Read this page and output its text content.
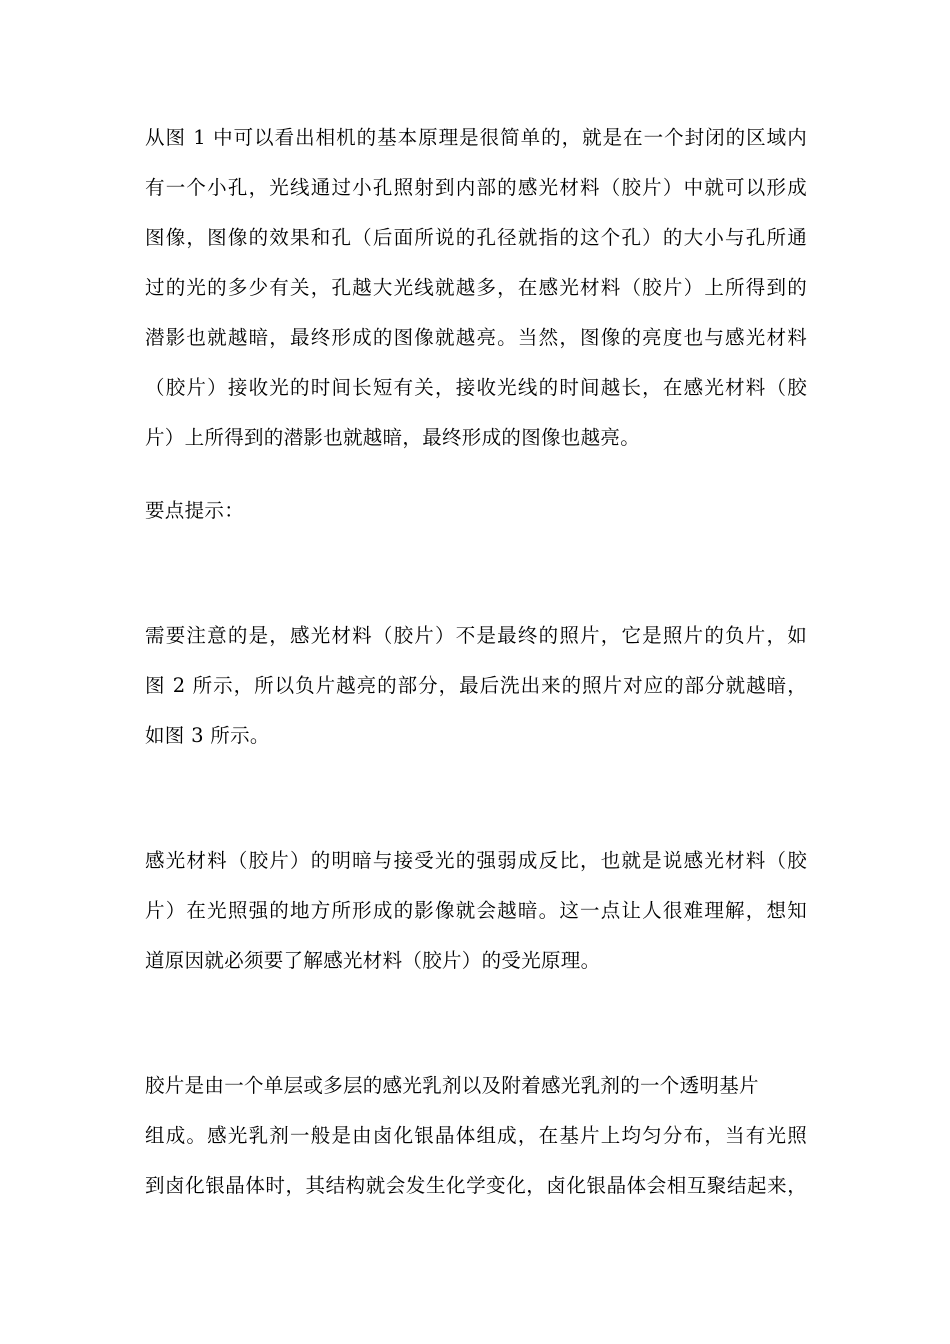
从图 1 中可以看出相机的基本原理是很简单的，就是在一个封闭的区域内
有一个小孔，光线通过小孔照射到内部的感光材料（胶片）中就可以形成
图像，图像的效果和孔（后面所说的孔径就指的这个孔）的大小与孔所通
过的光的多少有关，孔越大光线就越多，在感光材料（胶片）上所得到的
潜影也就越暗，最终形成的图像就越亮。当然，图像的亮度也与感光材料
（胶片）接收光的时间长短有关，接收光线的时间越长，在感光材料（胶
片）上所得到的潜影也就越暗，最终形成的图像也越亮。
要点提示：
需要注意的是，感光材料（胶片）不是最终的照片，它是照片的负片，如
图 2 所示，所以负片越亮的部分，最后洗出来的照片对应的部分就越暗，
如图 3 所示。
感光材料（胶片）的明暗与接受光的强弱成反比，也就是说感光材料（胶
片）在光照强的地方所形成的影像就会越暗。这一点让人很难理解，想知
道原因就必须要了解感光材料（胶片）的受光原理。
胶片是由一个单层或多层的感光乳剂以及附着感光乳剂的一个透明基片
组成。感光乳剂一般是由卤化银晶体组成，在基片上均匀分布，当有光照
到卤化银晶体时，其结构就会发生化学变化，卤化银晶体会相互聚结起来，
